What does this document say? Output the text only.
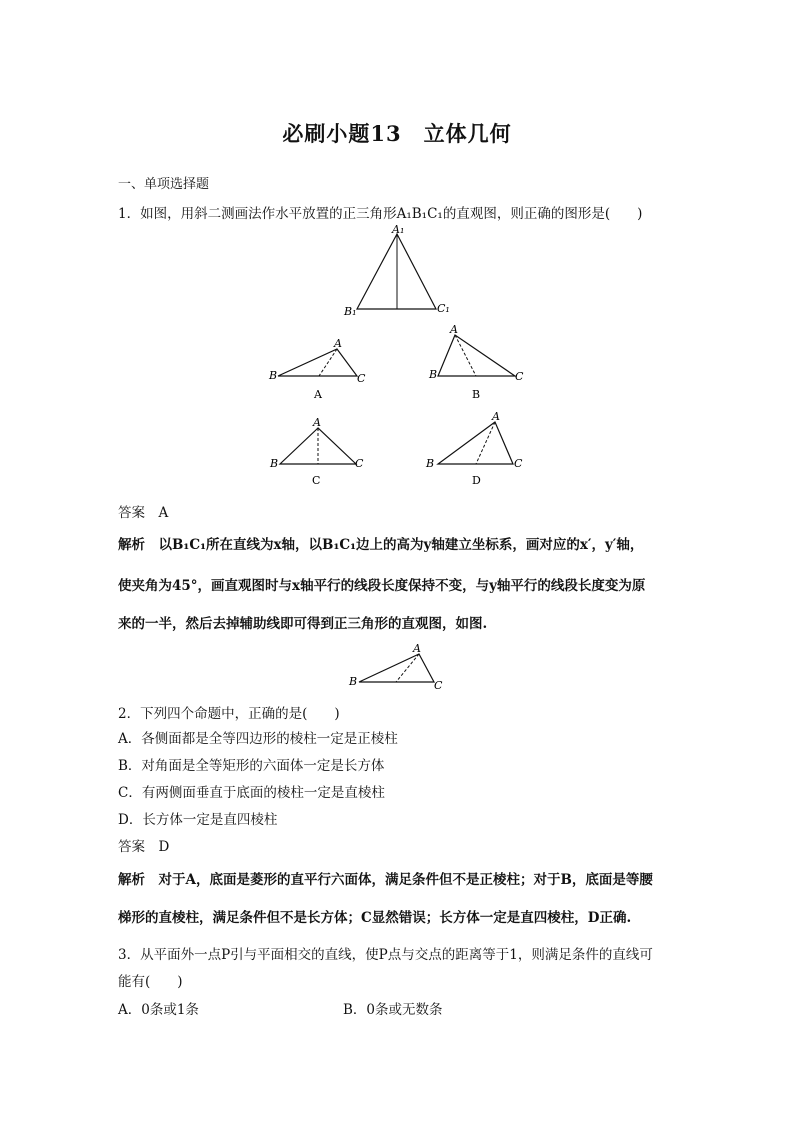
必刷小题13　立体几何
一、单项选择题
1．如图，用斜二测画法作水平放置的正三角形A₁B₁C₁的直观图，则正确的图形是(　　)
A₁
B₁	C₁
A
B	C
A
A
B	C
B
A
B	C
C
A
B	C
D
A
B	C
答案　 A
解析　 以B₁C₁所在直线为x轴，以B₁C₁边上的高为y轴建立坐标系，画对应的x′，y′轴，
使夹角为45°，画直观图时与x轴平行的线段长度保持不变，与y轴平行的线段长度变为原
来的一半，然后去掉辅助线即可得到正三角形的直观图，如图.
2．下列四个命题中，正确的是(　　)
A．各侧面都是全等四边形的棱柱一定是正棱柱
B．对角面是全等矩形的六面体一定是长方体
C．有两侧面垂直于底面的棱柱一定是直棱柱
D．长方体一定是直四棱柱
答案　 D
解析　 对于A，底面是菱形的直平行六面体，满足条件但不是正棱柱；对于B，底面是等腰
梯形的直棱柱，满足条件但不是长方体；C显然错误；长方体一定是直四棱柱，D正确.
3．从平面外一点P引与平面相交的直线，使P点与交点的距离等于1，则满足条件的直线可
能有(　　)
A．0条或1条	B．0条或无数条
